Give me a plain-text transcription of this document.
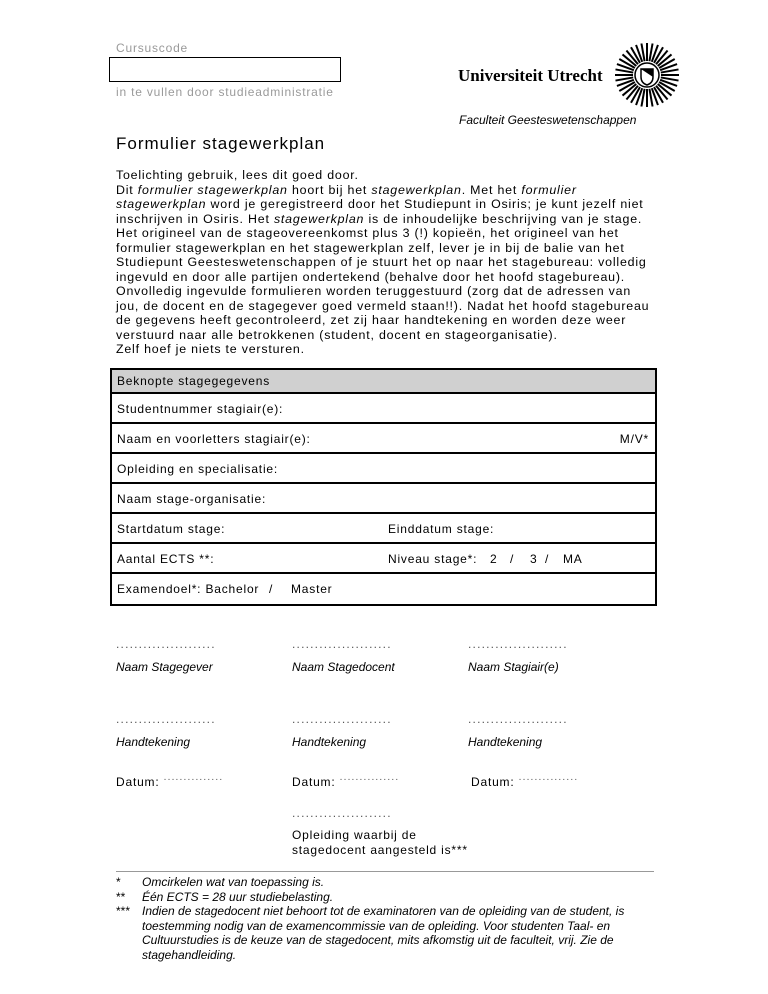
Cursuscode
in te vullen door studieadministratie
Universiteit Utrecht
Faculteit Geesteswetenschappen
Formulier stagewerkplan

Toelichting gebruik, lees dit goed door.

Dit formulier stagewerkplan hoort bij het stagewerkplan. Met het formulier stagewerkplan word je geregistreerd door het Studiepunt in Osiris; je kunt jezelf niet inschrijven in Osiris. Het stagewerkplan is de inhoudelijke beschrijving van je stage.

Het origineel van de stageovereenkomst plus 3 (!) kopieën, het origineel van het formulier stagewerkplan en het stagewerkplan zelf, lever je in bij de balie van het Studiepunt Geesteswetenschappen of je stuurt het op naar het stagebureau: volledig ingevuld en door alle partijen ondertekend (behalve door het hoofd stagebureau). Onvolledig ingevulde formulieren worden teruggestuurd (zorg dat de adressen van jou, de docent en de stagegever goed vermeld staan!!). Nadat het hoofd stagebureau de gegevens heeft gecontroleerd, zet zij haar handtekening en worden deze weer verstuurd naar alle betrokkenen (student, docent en stageorganisatie).

Zelf hoef je niets te versturen.

Beknopte stagegegevens
Studentnummer stagiair(e):
Naam en voorletters stagiair(e):	M/V*
Opleiding en specialisatie:
Naam stage-organisatie:
Startdatum stage:	Einddatum stage:
Aantal ECTS **:	Niveau stage*: 2 / 3 / MA
Examendoel*: Bachelor / Master
......................	......................	......................
Naam Stagegever	Naam Stagedocent	Naam Stagiair(e)
......................	......................	......................
Handtekening	Handtekening	Handtekening
Datum: ...............	Datum: ...............	Datum: ...............
......................
Opleiding waarbij de
stagedocent aangesteld is***
*	Omcirkelen wat van toepassing is.
**	Één ECTS = 28 uur studiebelasting.
*** Indien de stagedocent niet behoort tot de examinatoren van de opleiding van de student, is toestemming nodig van de examencommissie van de opleiding. Voor studenten Taal- en Cultuurstudies is de keuze van de stagedocent, mits afkomstig uit de faculteit, vrij. Zie de stagehandleiding.
